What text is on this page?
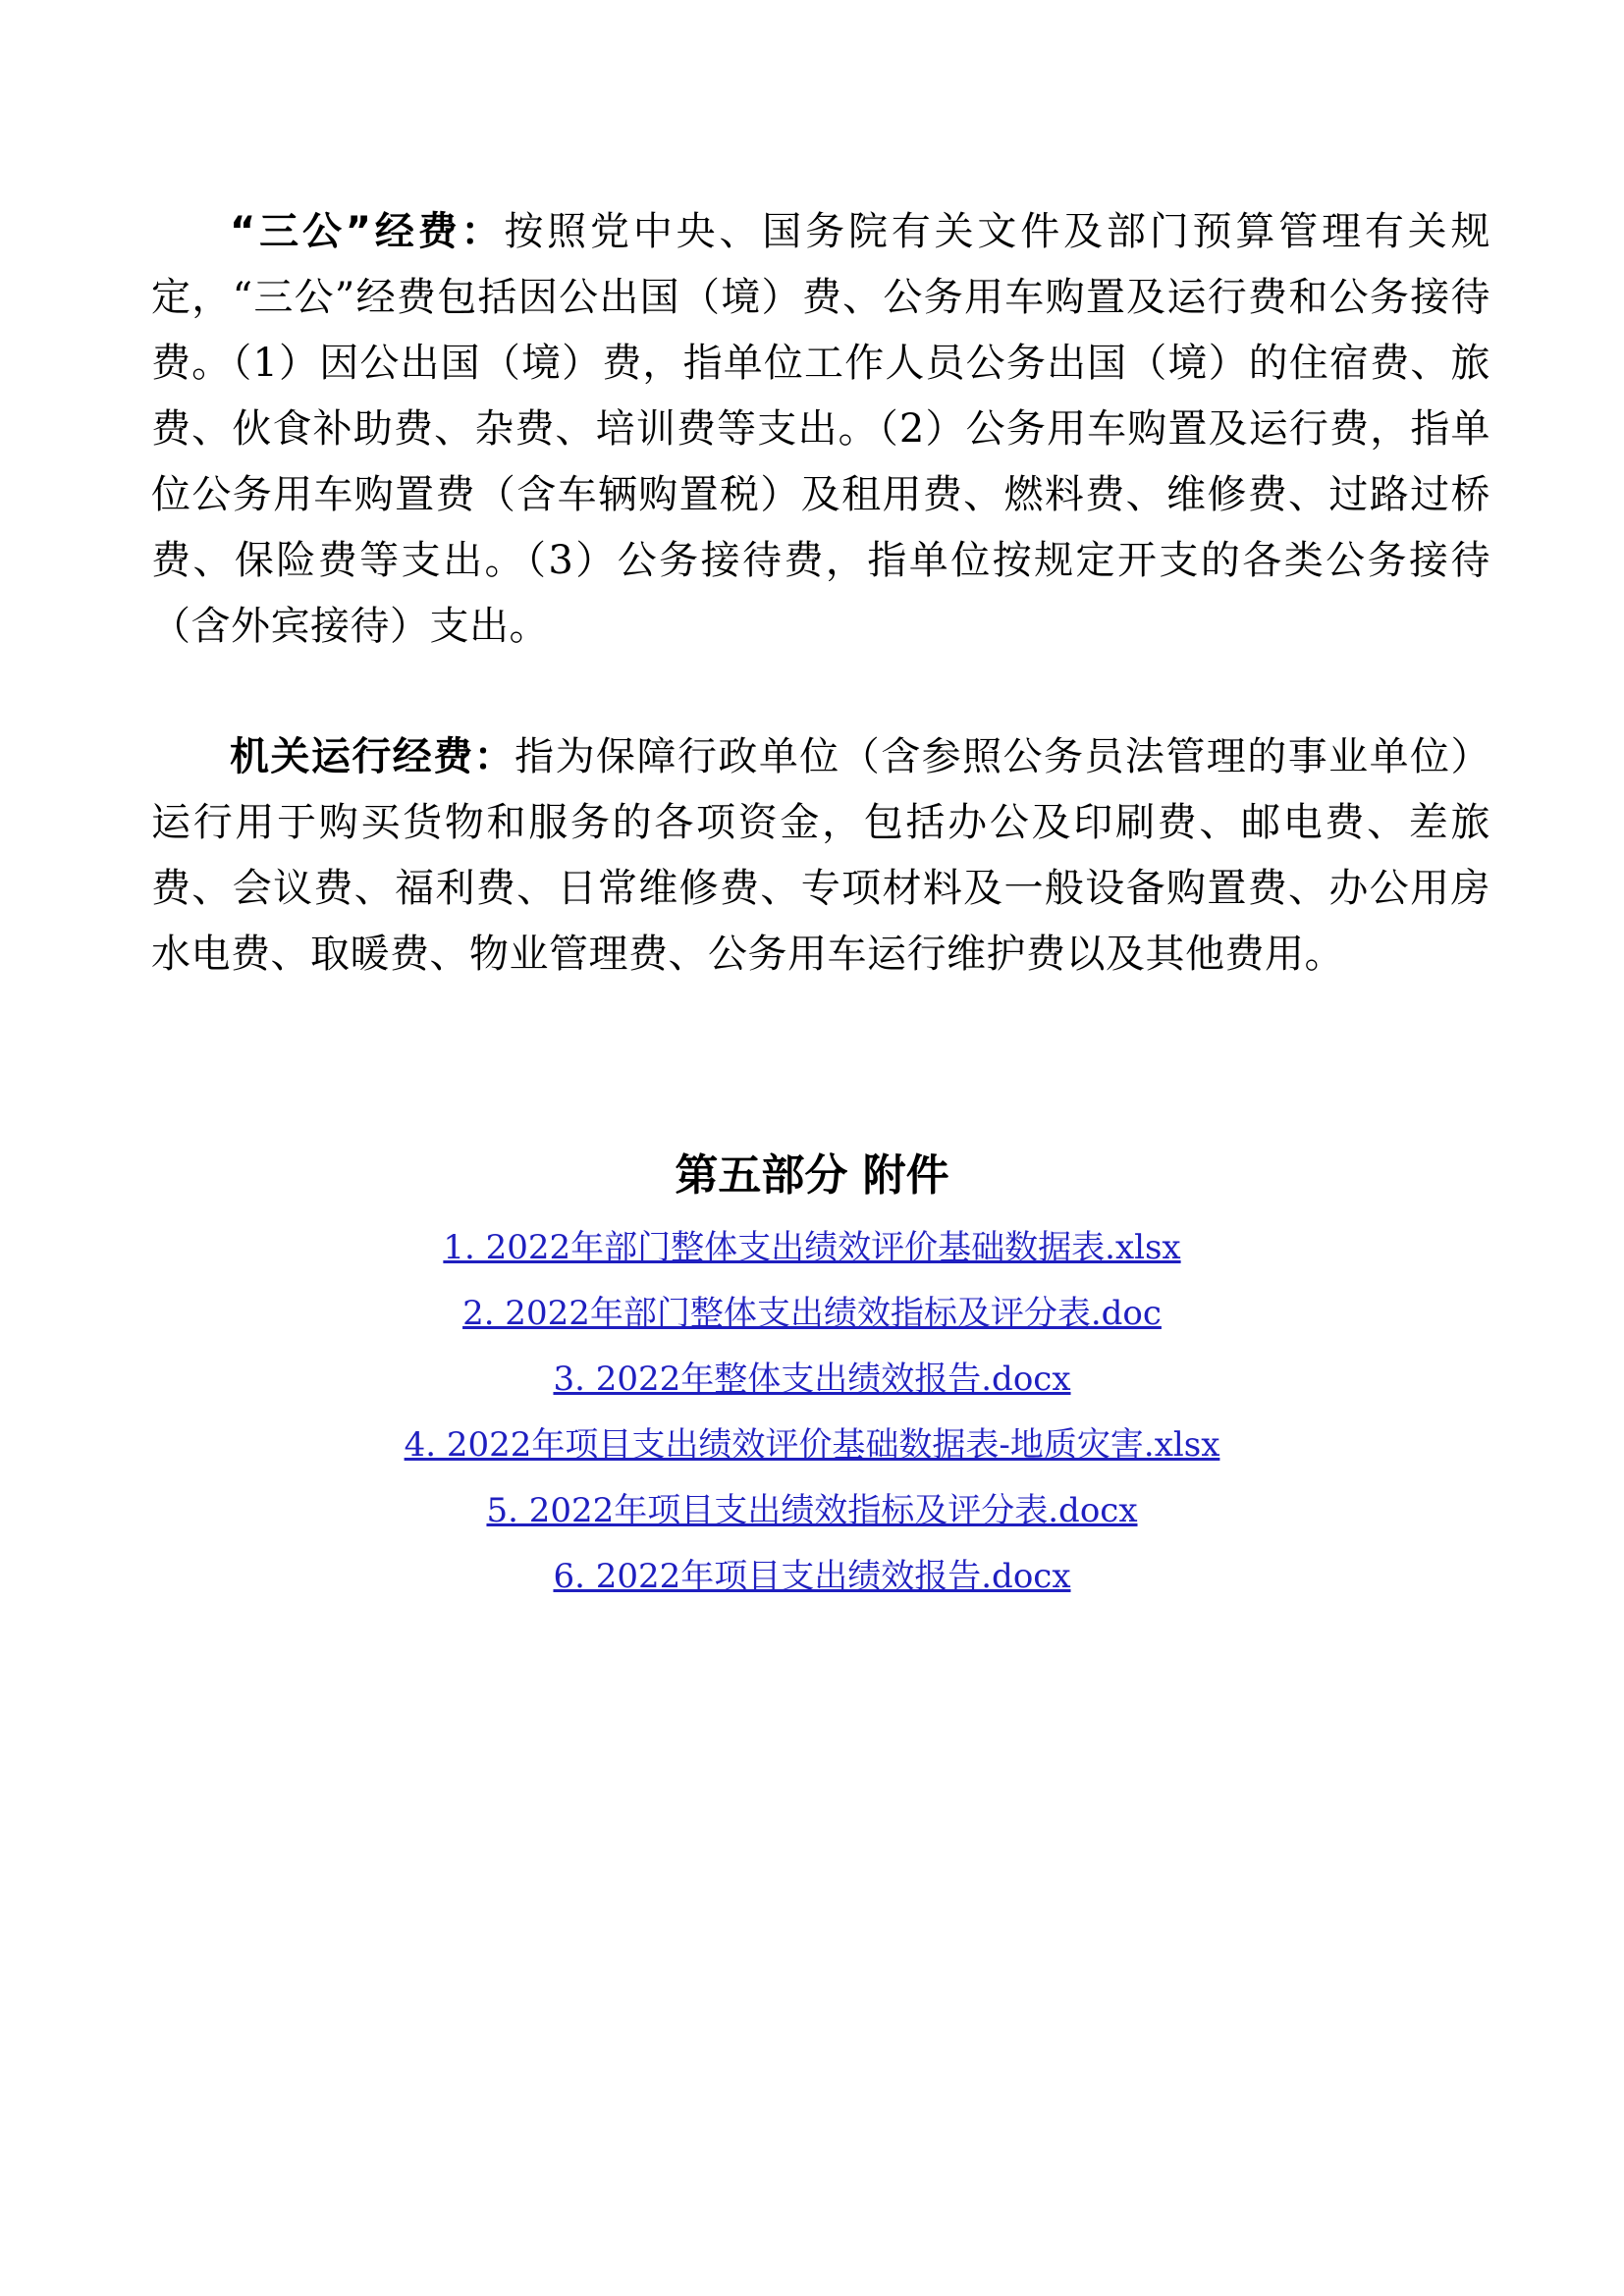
“三公”经费：按照党中央、国务院有关文件及部门预算管理有关规定，“三公”经费包括因公出国（境）费、公务用车购置及运行费和公务接待费。（1）因公出国（境）费，指单位工作人员公务出国（境）的住宿费、旅费、伙食补助费、杂费、培训费等支出。（2）公务用车购置及运行费，指单位公务用车购置费（含车辆购置税）及租用费、燃料费、维修费、过路过桥费、保险费等支出。（3）公务接待费，指单位按规定开支的各类公务接待（含外宾接待）支出。

机关运行经费：指为保障行政单位（含参照公务员法管理的事业单位）运行用于购买货物和服务的各项资金，包括办公及印刷费、邮电费、差旅费、会议费、福利费、日常维修费、专项材料及一般设备购置费、办公用房水电费、取暖费、物业管理费、公务用车运行维护费以及其他费用。

第五部分 附件
1. 2022年部门整体支出绩效评价基础数据表.xlsx
2. 2022年部门整体支出绩效指标及评分表.doc
3. 2022年整体支出绩效报告.docx
4. 2022年项目支出绩效评价基础数据表-地质灾害.xlsx
5. 2022年项目支出绩效指标及评分表.docx
6. 2022年项目支出绩效报告.docx
